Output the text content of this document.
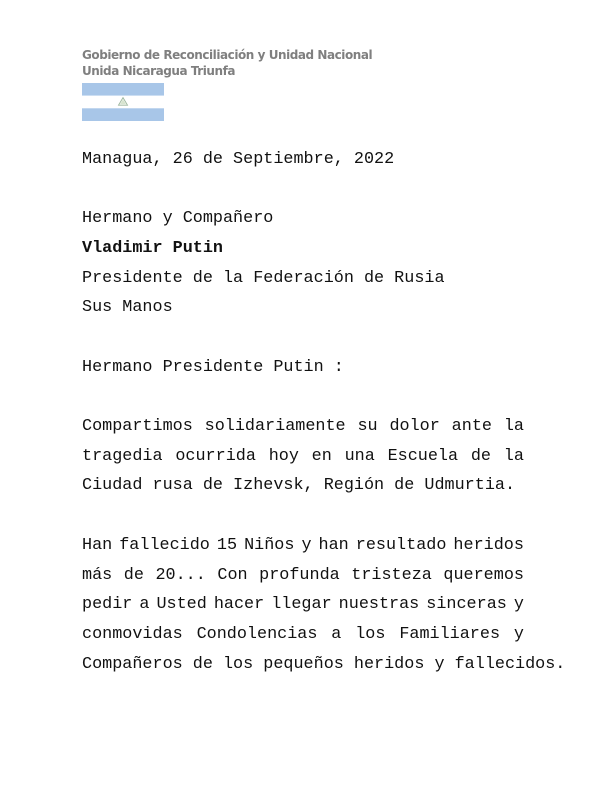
Gobierno de Reconciliación y Unidad Nacional
Unida Nicaragua Triunfa
Managua, 26 de Septiembre, 2022
Hermano y Compañero
Vladimir Putin
Presidente de la Federación de Rusia
Sus Manos
Hermano Presidente Putin :
Compartimos solidariamente su dolor ante la
tragedia ocurrida hoy en una Escuela de la
Ciudad rusa de Izhevsk, Región de Udmurtia.
Han fallecido 15 Niños y han resultado heridos
más de 20... Con profunda tristeza queremos
pedir a Usted hacer llegar nuestras sinceras y
conmovidas Condolencias a los Familiares y
Compañeros de los pequeños heridos y fallecidos.
